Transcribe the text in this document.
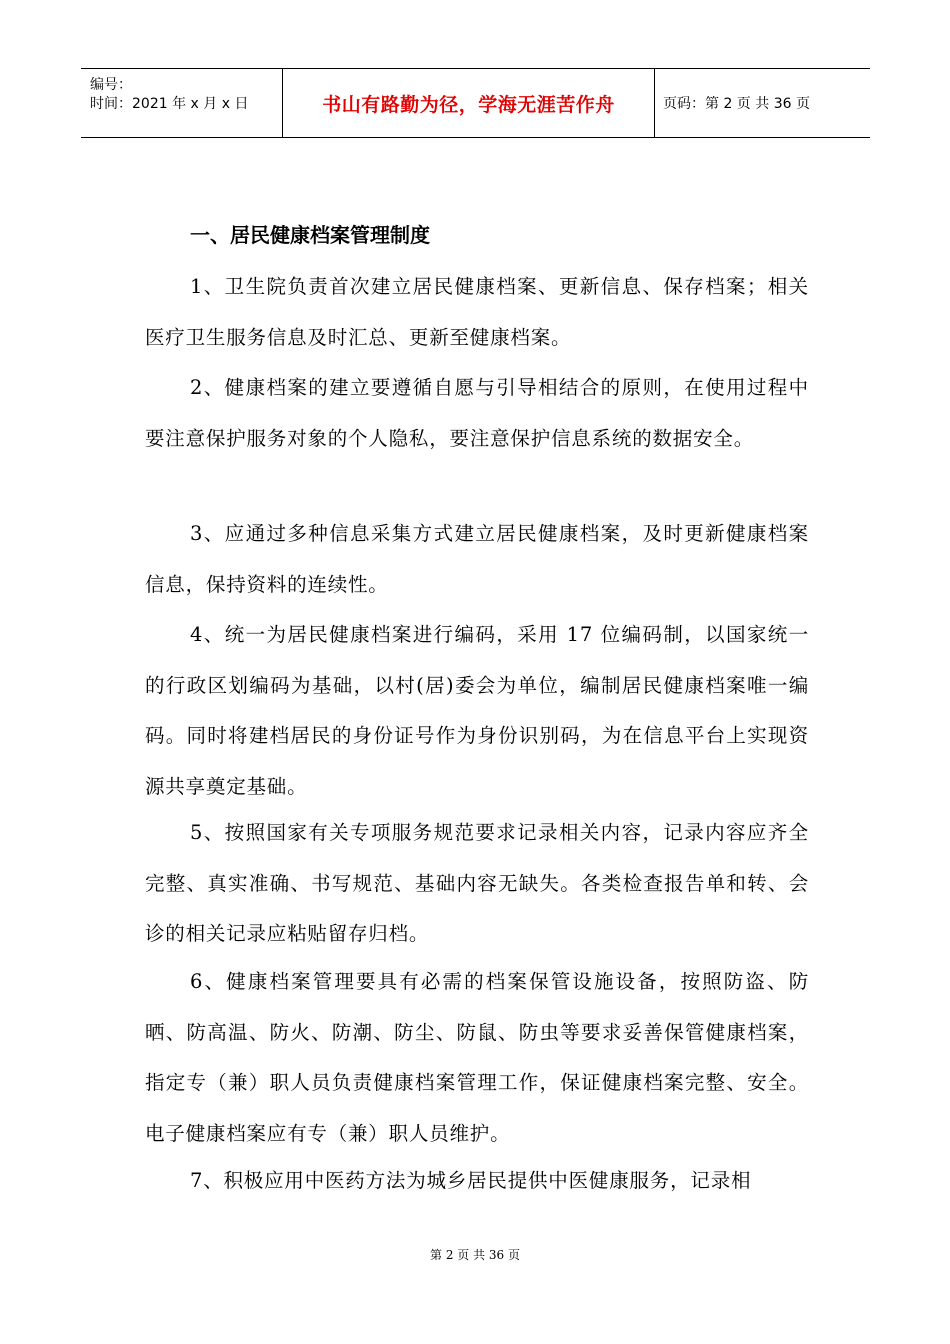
编号：
时间：2021 年 x 月 x 日	书山有路勤为径，学海无涯苦作舟	页码：第 2 页 共 36 页
一、居民健康档案管理制度
1、卫生院负责首次建立居民健康档案、更新信息、保存档案；相关医疗卫生服务信息及时汇总、更新至健康档案。
2、健康档案的建立要遵循自愿与引导相结合的原则，在使用过程中要注意保护服务对象的个人隐私，要注意保护信息系统的数据安全。
3、应通过多种信息采集方式建立居民健康档案，及时更新健康档案信息，保持资料的连续性。
4、统一为居民健康档案进行编码，采用 17 位编码制，以国家统一的行政区划编码为基础，以村(居)委会为单位，编制居民健康档案唯一编码。同时将建档居民的身份证号作为身份识别码，为在信息平台上实现资源共享奠定基础。
5、按照国家有关专项服务规范要求记录相关内容，记录内容应齐全完整、真实准确、书写规范、基础内容无缺失。各类检查报告单和转、会诊的相关记录应粘贴留存归档。
6、健康档案管理要具有必需的档案保管设施设备，按照防盗、防晒、防高温、防火、防潮、防尘、防鼠、防虫等要求妥善保管健康档案，指定专（兼）职人员负责健康档案管理工作，保证健康档案完整、安全。电子健康档案应有专（兼）职人员维护。
7、积极应用中医药方法为城乡居民提供中医健康服务，记录相
第 2 页 共 36 页
